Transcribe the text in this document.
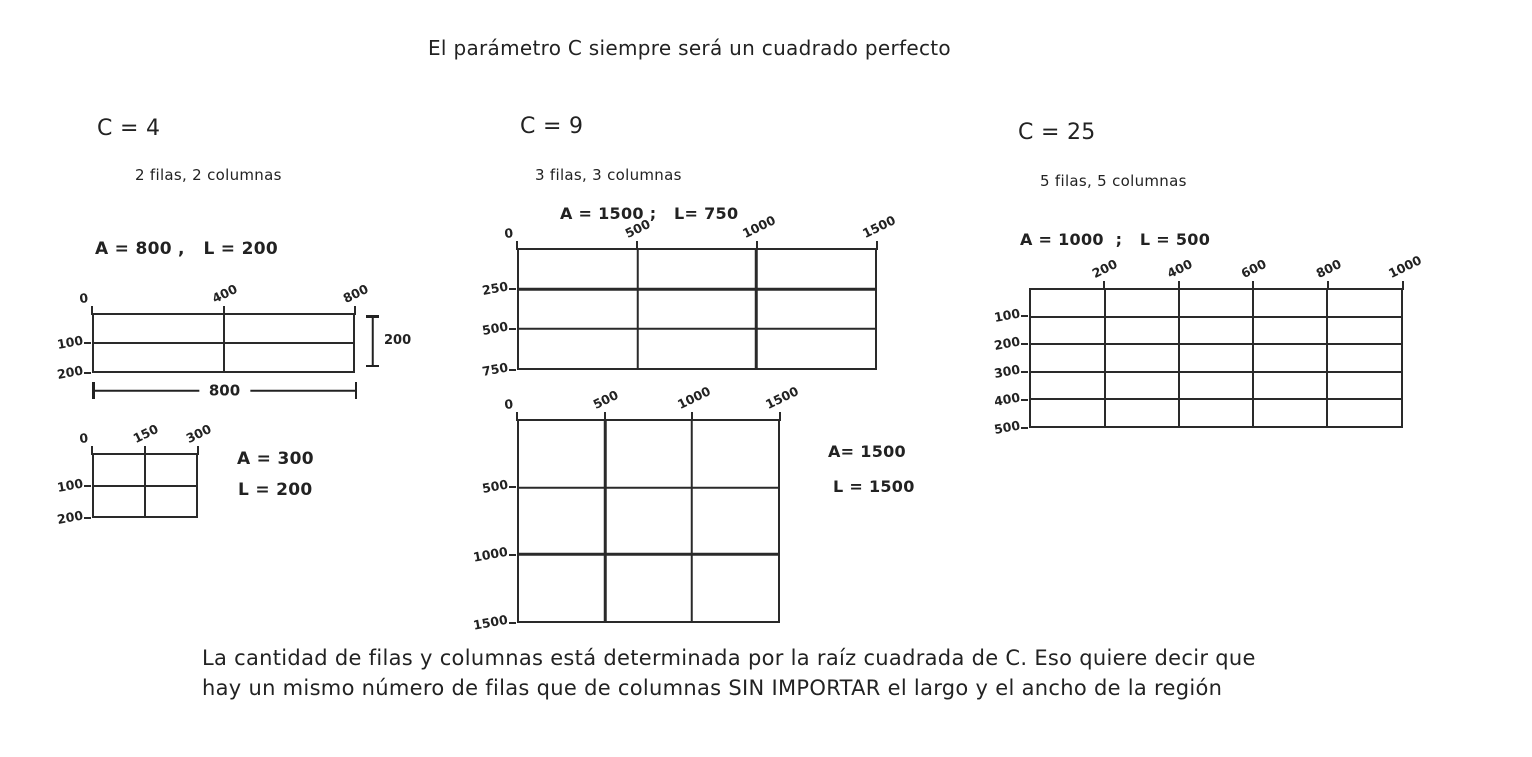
El parámetro C siempre será un cuadrado perfecto
C = 4
2 filas, 2 columnas
A = 800 ,   L = 200
0	400	800
100
200
200
800
0	150 300
100
200
A = 300
L = 200
C = 9
3 filas, 3 columnas
A = 1500 ;   L= 750
0	500	1000	1500
250
500
750
0	500	1000	1500
500
1000
1500
A= 1500
L = 1500
C = 25
5 filas, 5 columnas
A = 1000  ;   L = 500
200	400	600	800	1000
100
200
300
400
500
La cantidad de filas y columnas está determinada por la raíz cuadrada de C. Eso quiere decir que
hay un mismo número de filas que de columnas SIN IMPORTAR el largo y el ancho de la región
